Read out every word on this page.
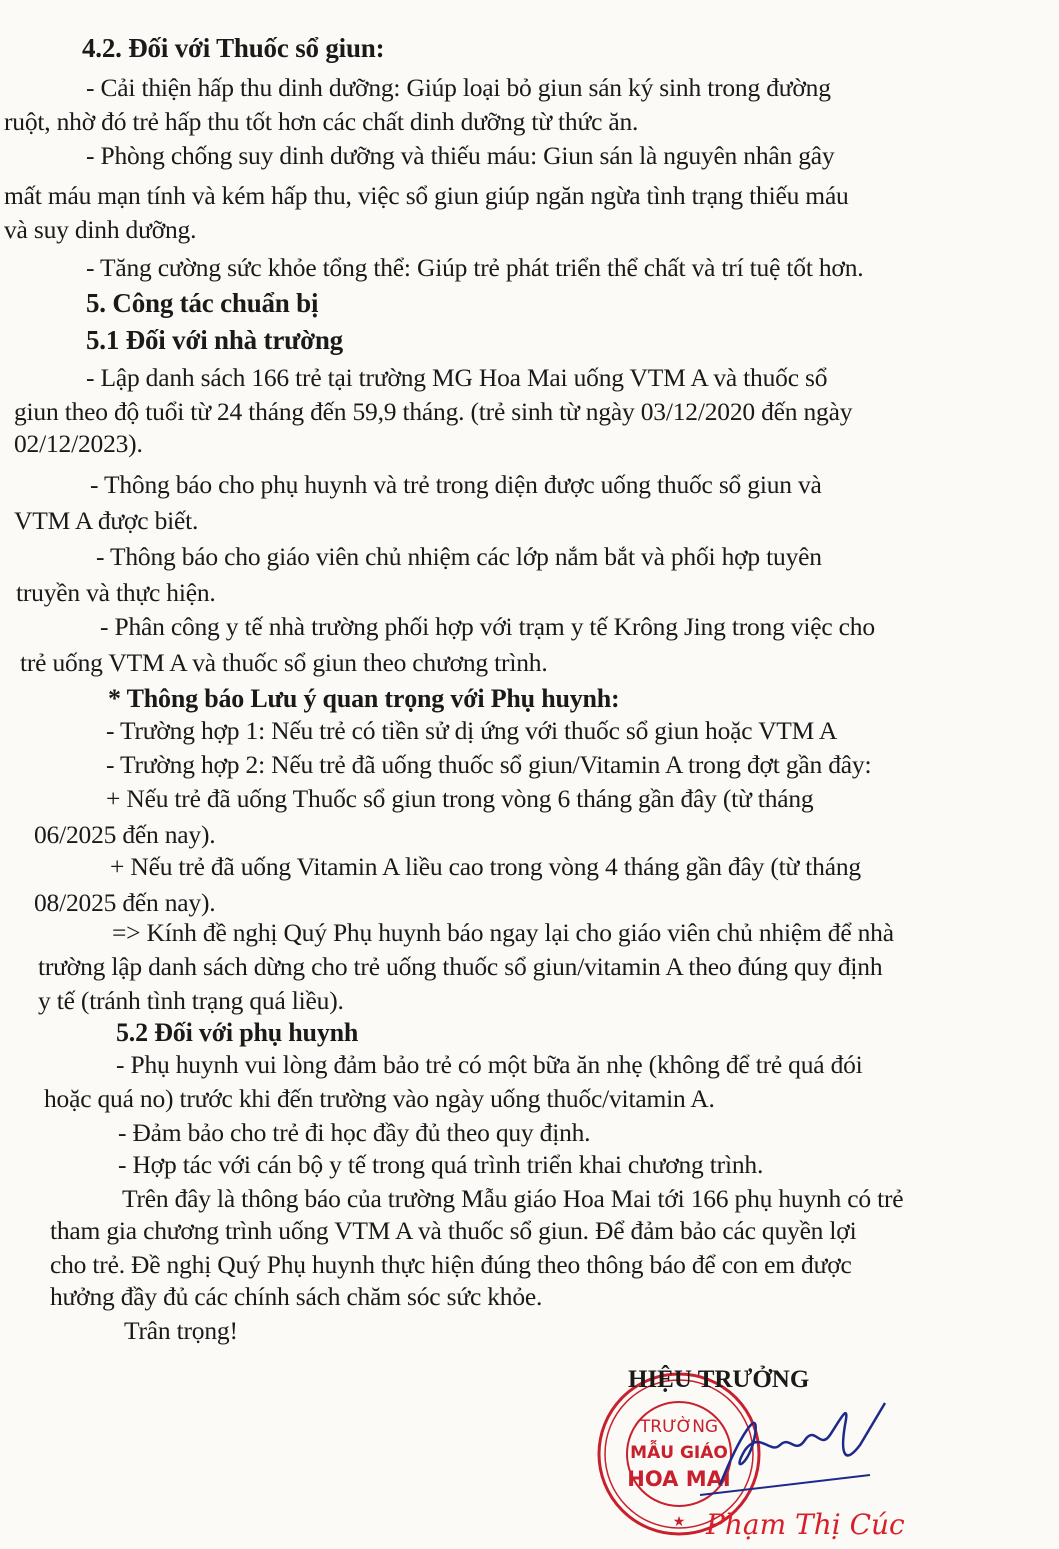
4.2. Đối với Thuốc sổ giun:
- Cải thiện hấp thu dinh dưỡng: Giúp loại bỏ giun sán ký sinh trong đường
ruột, nhờ đó trẻ hấp thu tốt hơn các chất dinh dưỡng từ thức ăn.
- Phòng chống suy dinh dưỡng và thiếu máu: Giun sán là nguyên nhân gây
mất máu mạn tính và kém hấp thu, việc sổ giun giúp ngăn ngừa tình trạng thiếu máu
và suy dinh dưỡng.
- Tăng cường sức khỏe tổng thể: Giúp trẻ phát triển thể chất và trí tuệ tốt hơn.
5. Công tác chuẩn bị
5.1 Đối với nhà trường
- Lập danh sách 166 trẻ tại trường MG Hoa Mai uống VTM A và thuốc sổ
giun theo độ tuổi từ 24 tháng đến 59,9 tháng. (trẻ sinh từ ngày 03/12/2020 đến ngày
02/12/2023).
- Thông báo cho phụ huynh và trẻ trong diện được uống thuốc sổ giun và
VTM A được biết.
- Thông báo cho giáo viên chủ nhiệm các lớp nắm bắt và phối hợp tuyên
truyền và thực hiện.
- Phân công y tế nhà trường phối hợp với trạm y tế Krông Jing trong việc cho
trẻ uống VTM A và thuốc sổ giun theo chương trình.
* Thông báo Lưu ý quan trọng với Phụ huynh:
- Trường hợp 1: Nếu trẻ có tiền sử dị ứng với thuốc sổ giun hoặc VTM A
- Trường hợp 2: Nếu trẻ đã uống thuốc sổ giun/Vitamin A trong đợt gần đây:
+ Nếu trẻ đã uống Thuốc sổ giun trong vòng 6 tháng gần đây (từ tháng
06/2025 đến nay).
+ Nếu trẻ đã uống Vitamin A liều cao trong vòng 4 tháng gần đây (từ tháng
08/2025 đến nay).
=> Kính đề nghị Quý Phụ huynh báo ngay lại cho giáo viên chủ nhiệm để nhà
trường lập danh sách dừng cho trẻ uống thuốc sổ giun/vitamin A theo đúng quy định
y tế (tránh tình trạng quá liều).
5.2 Đối với phụ huynh
- Phụ huynh vui lòng đảm bảo trẻ có một bữa ăn nhẹ (không để trẻ quá đói
hoặc quá no) trước khi đến trường vào ngày uống thuốc/vitamin A.
- Đảm bảo cho trẻ đi học đầy đủ theo quy định.
- Hợp tác với cán bộ y tế trong quá trình triển khai chương trình.
Trên đây là thông báo của trường Mẫu giáo Hoa Mai tới 166 phụ huynh có trẻ
tham gia chương trình uống VTM A và thuốc sổ giun. Để đảm bảo các quyền lợi
cho trẻ. Đề nghị Quý Phụ huynh thực hiện đúng theo thông báo để con em được
hưởng đầy đủ các chính sách chăm sóc sức khỏe.
Trân trọng!
TRƯỜNG
MẪU GIÁO
HOA MAI
★
HIỆU TRƯỞNG
Phạm Thị Cúc
